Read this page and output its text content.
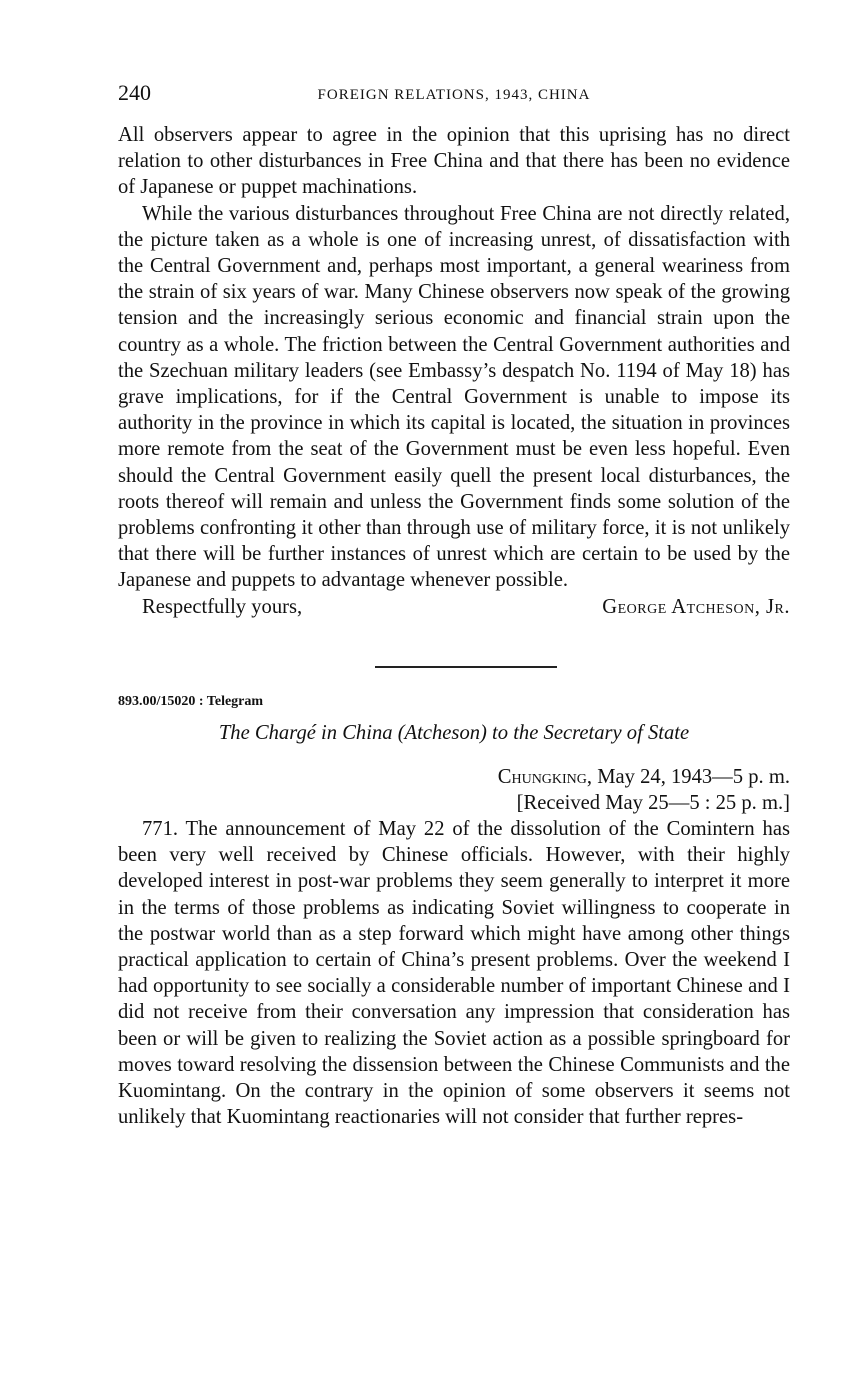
240	FOREIGN RELATIONS, 1943, CHINA

All observers appear to agree in the opinion that this uprising has no direct relation to other disturbances in Free China and that there has been no evidence of Japanese or puppet machinations.

While the various disturbances throughout Free China are not directly related, the picture taken as a whole is one of increasing unrest, of dissatisfaction with the Central Government and, perhaps most important, a general weariness from the strain of six years of war. Many Chinese observers now speak of the growing tension and the increasingly serious economic and financial strain upon the country as a whole. The friction between the Central Government authorities and the Szechuan military leaders (see Embassy’s despatch No. 1194 of May 18) has grave implications, for if the Central Government is unable to impose its authority in the province in which its capital is located, the situation in provinces more remote from the seat of the Government must be even less hopeful. Even should the Central Government easily quell the present local disturbances, the roots thereof will remain and unless the Government finds some solution of the problems confronting it other than through use of military force, it is not unlikely that there will be further instances of unrest which are certain to be used by the Japanese and puppets to advantage whenever possible.

Respectfully yours,	George Atcheson, Jr.
893.00/15020 : Telegram
The Chargé in China (Atcheson) to the Secretary of State
Chungking, May 24, 1943—5 p. m.
[Received May 25—5 : 25 p. m.]

771. The announcement of May 22 of the dissolution of the Comintern has been very well received by Chinese officials. However, with their highly developed interest in post-war problems they seem generally to interpret it more in the terms of those problems as indicating Soviet willingness to cooperate in the postwar world than as a step forward which might have among other things practical application to certain of China’s present problems. Over the weekend I had opportunity to see socially a considerable number of important Chinese and I did not receive from their conversation any impression that consideration has been or will be given to realizing the Soviet action as a possible springboard for moves toward resolving the dissension between the Chinese Communists and the Kuomintang. On the contrary in the opinion of some observers it seems not unlikely that Kuomintang reactionaries will not consider that further repres-
